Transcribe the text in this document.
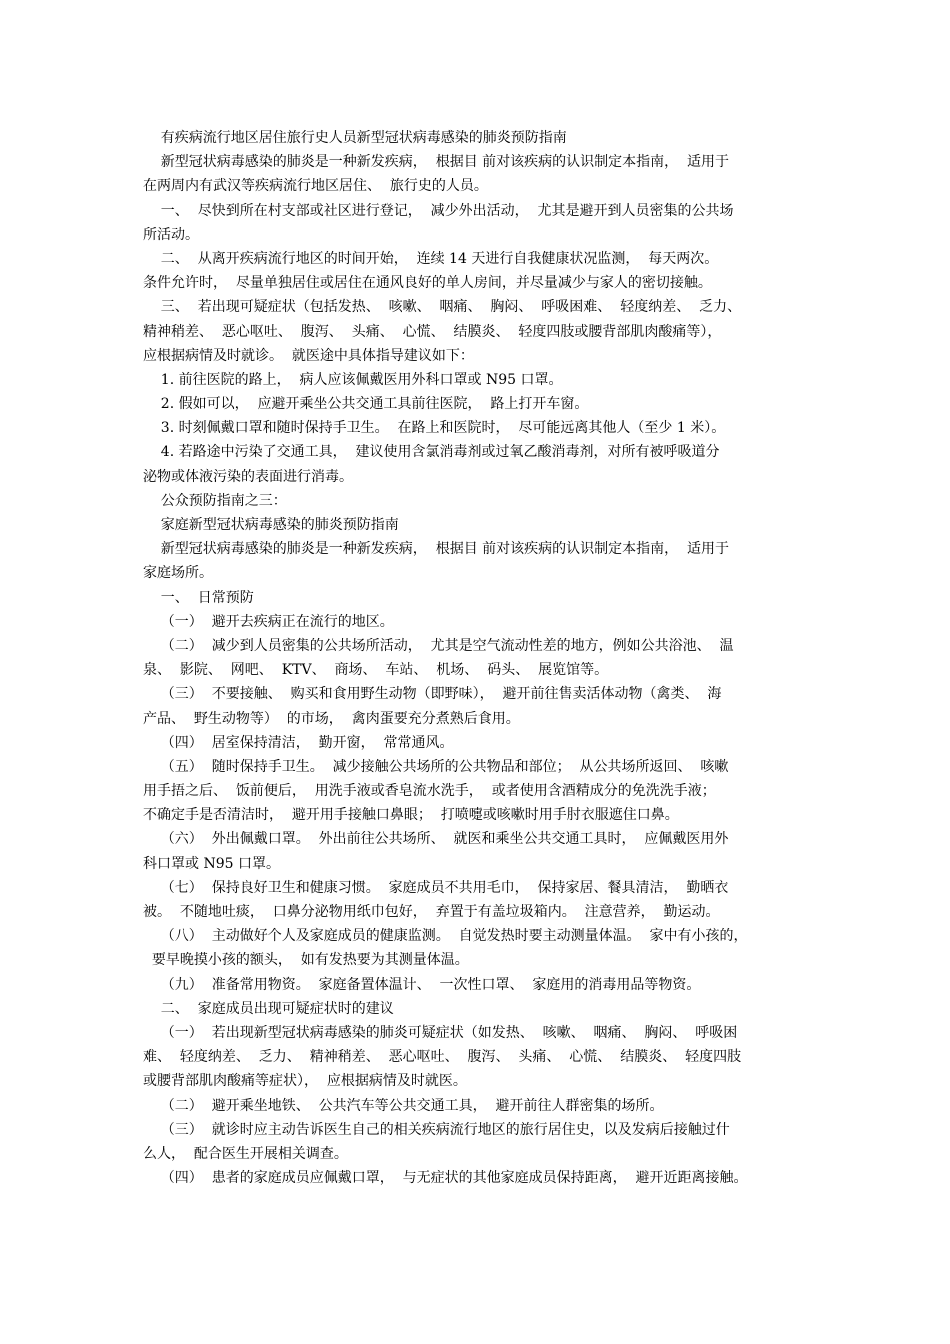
有疾病流行地区居住旅行史人员新型冠状病毒感染的肺炎预防指南
新型冠状病毒感染的肺炎是一种新发疾病，  根据目 前对该疾病的认识制定本指南，  适用于
在两周内有武汉等疾病流行地区居住、  旅行史的人员。
一、  尽快到所在村支部或社区进行登记，  减少外出活动，  尤其是避开到人员密集的公共场
所活动。
二、  从离开疾病流行地区的时间开始，  连续 14 天进行自我健康状况监测，  每天两次。
条件允许时，  尽量单独居住或居住在通风良好的单人房间，并尽量减少与家人的密切接触。
三、  若出现可疑症状（包括发热、  咳嗽、  咽痛、  胸闷、  呼吸困难、  轻度纳差、  乏力、
精神稍差、  恶心呕吐、  腹泻、  头痛、  心慌、  结膜炎、  轻度四肢或腰背部肌肉酸痛等），
应根据病情及时就诊。  就医途中具体指导建议如下：
1. 前往医院的路上，  病人应该佩戴医用外科口罩或 N95 口罩。
2. 假如可以，  应避开乘坐公共交通工具前往医院，  路上打开车窗。
3. 时刻佩戴口罩和随时保持手卫生。  在路上和医院时，  尽可能远离其他人（至少 1 米）。
4. 若路途中污染了交通工具，  建议使用含氯消毒剂或过氧乙酸消毒剂，对所有被呼吸道分
泌物或体液污染的表面进行消毒。
公众预防指南之三：
家庭新型冠状病毒感染的肺炎预防指南
新型冠状病毒感染的肺炎是一种新发疾病，  根据目 前对该疾病的认识制定本指南，  适用于
家庭场所。
一、  日常预防
（一）  避开去疾病正在流行的地区。
（二）  减少到人员密集的公共场所活动，  尤其是空气流动性差的地方，例如公共浴池、  温
泉、  影院、  网吧、  KTV、  商场、  车站、  机场、  码头、  展览馆等。
（三）  不要接触、  购买和食用野生动物（即野味），  避开前往售卖活体动物（禽类、  海
产品、  野生动物等）  的市场，  禽肉蛋要充分煮熟后食用。
（四）  居室保持清洁，  勤开窗，  常常通风。
（五）  随时保持手卫生。  减少接触公共场所的公共物品和部位；  从公共场所返回、  咳嗽
用手捂之后、  饭前便后，  用洗手液或香皂流水洗手，  或者使用含酒精成分的免洗洗手液；
不确定手是否清洁时，  避开用手接触口鼻眼；  打喷嚏或咳嗽时用手肘衣服遮住口鼻。
（六）  外出佩戴口罩。  外出前往公共场所、  就医和乘坐公共交通工具时，  应佩戴医用外
科口罩或 N95 口罩。
（七）  保持良好卫生和健康习惯。  家庭成员不共用毛巾，  保持家居、餐具清洁，  勤晒衣
被。  不随地吐痰，  口鼻分泌物用纸巾包好，  弃置于有盖垃圾箱内。  注意营养，  勤运动。
（八）  主动做好个人及家庭成员的健康监测。  自觉发热时要主动测量体温。  家中有小孩的，
要早晚摸小孩的额头，  如有发热要为其测量体温。
（九）  准备常用物资。  家庭备置体温计、  一次性口罩、  家庭用的消毒用品等物资。
二、  家庭成员出现可疑症状时的建议
（一）  若出现新型冠状病毒感染的肺炎可疑症状（如发热、  咳嗽、  咽痛、  胸闷、  呼吸困
难、  轻度纳差、  乏力、  精神稍差、  恶心呕吐、  腹泻、  头痛、  心慌、  结膜炎、  轻度四肢
或腰背部肌肉酸痛等症状），  应根据病情及时就医。
（二）  避开乘坐地铁、  公共汽车等公共交通工具，  避开前往人群密集的场所。
（三）  就诊时应主动告诉医生自己的相关疾病流行地区的旅行居住史，以及发病后接触过什
么人，  配合医生开展相关调查。
（四）  患者的家庭成员应佩戴口罩，  与无症状的其他家庭成员保持距离，  避开近距离接触。
